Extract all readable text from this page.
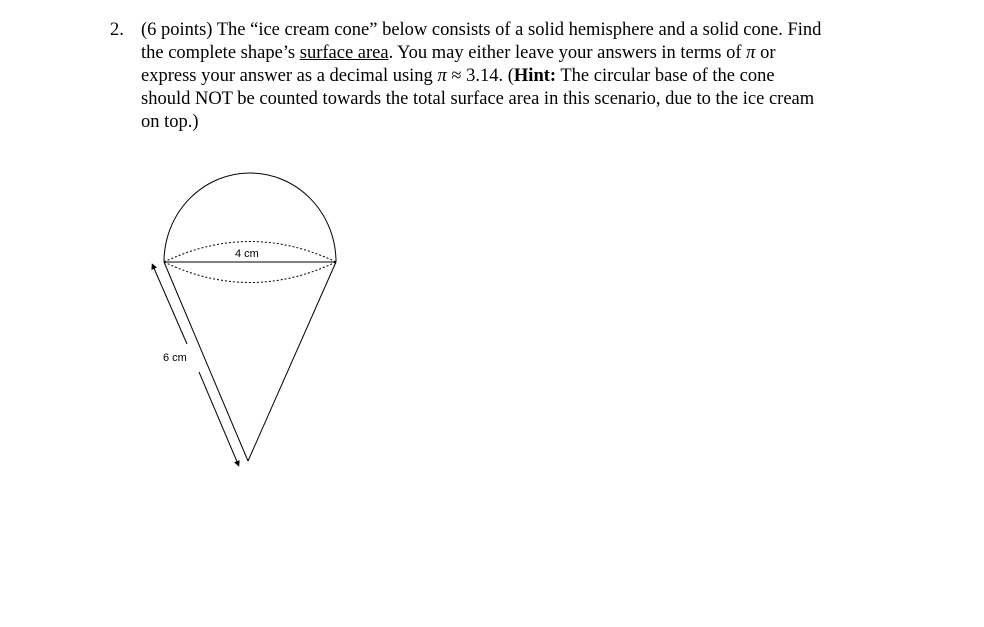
2. (6 points) The “ice cream cone” below consists of a solid hemisphere and a solid cone. Find
the complete shape’s surface area. You may either leave your answers in terms of π or
express your answer as a decimal using π ≈ 3.14. (Hint: The circular base of the cone
should NOT be counted towards the total surface area in this scenario, due to the ice cream
on top.)
4 cm
6 cm
